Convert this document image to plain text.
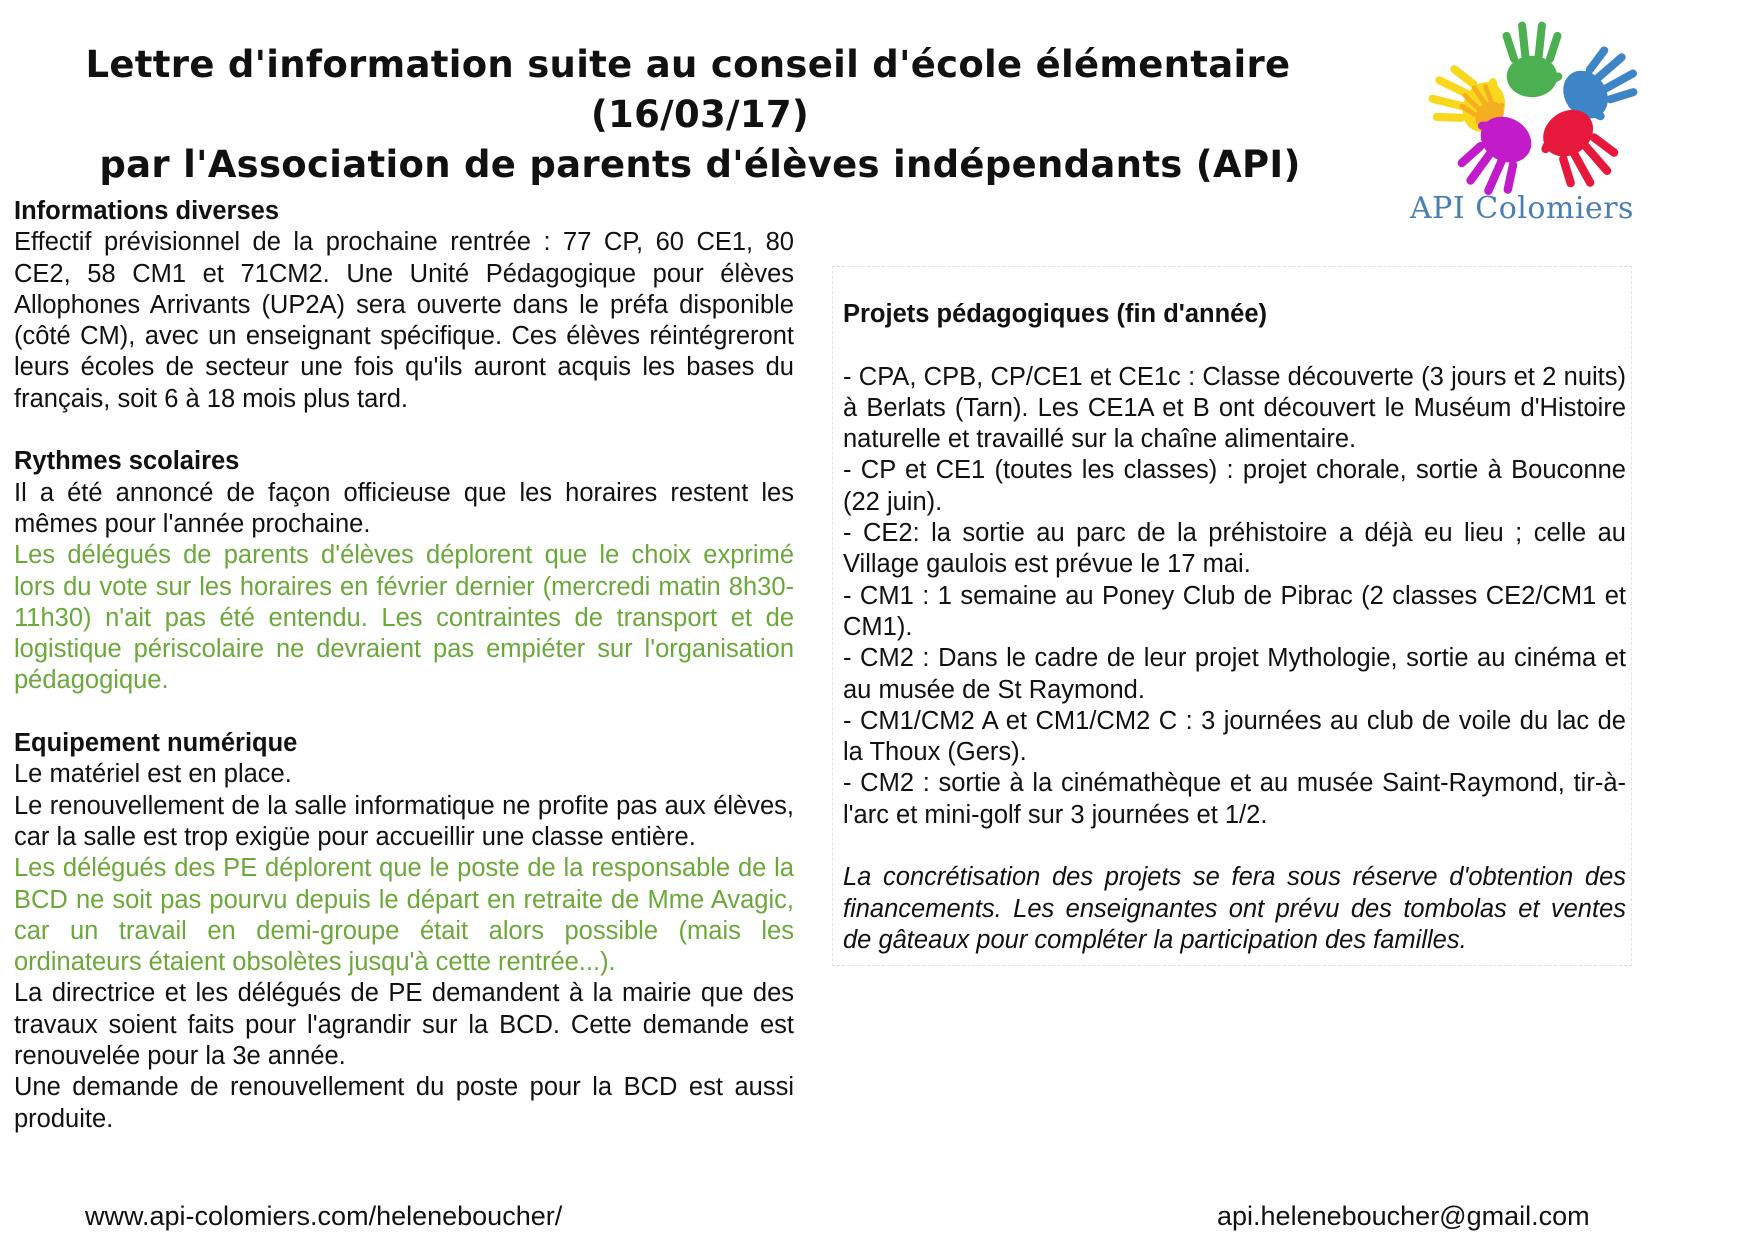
Lettre d'information suite au conseil d'école élémentaire (16/03/17)
par l'Association de parents d'élèves indépendants (API)
API Colomiers
Informations diverses

Effectif prévisionnel de la prochaine rentrée : 77 CP, 60 CE1, 80 CE2, 58 CM1 et 71CM2. Une Unité Pédagogique pour élèves Allophones Arrivants (UP2A) sera ouverte dans le préfa disponible (côté CM), avec un enseignant spécifique. Ces élèves réintégreront leurs écoles de secteur une fois qu'ils auront acquis les bases du français, soit 6 à 18 mois plus tard.

Rythmes scolaires

Il a été annoncé de façon officieuse que les horaires restent les mêmes pour l'année prochaine.

Les délégués de parents d'élèves déplorent que le choix exprimé lors du vote sur les horaires en février dernier (mercredi matin 8h30-11h30) n'ait pas été entendu. Les contraintes de transport et de logistique périscolaire ne devraient pas empiéter sur l'organisation pédagogique.

Equipement numérique

Le matériel est en place.

Le renouvellement de la salle informatique ne profite pas aux élèves, car la salle est trop exigüe pour accueillir une classe entière.

Les délégués des PE déplorent que le poste de la responsable de la BCD ne soit pas pourvu depuis le départ en retraite de Mme Avagic, car un travail en demi-groupe était alors possible (mais les ordinateurs étaient obsolètes jusqu'à cette rentrée...).

La directrice et les délégués de PE demandent à la mairie que des travaux soient faits pour l'agrandir sur la BCD. Cette demande est renouvelée pour la 3e année.

Une demande de renouvellement du poste pour la BCD est aussi produite.

Projets pédagogiques (fin d'année)

- CPA, CPB, CP/CE1 et CE1c : Classe découverte (3 jours et 2 nuits) à Berlats (Tarn). Les CE1A et B ont découvert le Muséum d'Histoire naturelle et travaillé sur la chaîne alimentaire.

- CP et CE1 (toutes les classes) : projet chorale, sortie à Bouconne (22 juin).

- CE2: la sortie au parc de la préhistoire a déjà eu lieu ; celle au Village gaulois est prévue le 17 mai.

- CM1 : 1 semaine au Poney Club de Pibrac (2 classes CE2/CM1 et CM1).

- CM2 : Dans le cadre de leur projet Mythologie, sortie au cinéma et au musée de St Raymond.

- CM1/CM2 A et CM1/CM2 C : 3 journées au club de voile du lac de la Thoux (Gers).

- CM2 : sortie à la cinémathèque et au musée Saint-Raymond, tir-à-l'arc et mini-golf sur 3 journées et 1/2.

La concrétisation des projets se fera sous réserve d'obtention des financements. Les enseignantes ont prévu des tombolas et ventes de gâteaux pour compléter la participation des familles.

www.api-colomiers.com/heleneboucher/	api.heleneboucher@gmail.com
